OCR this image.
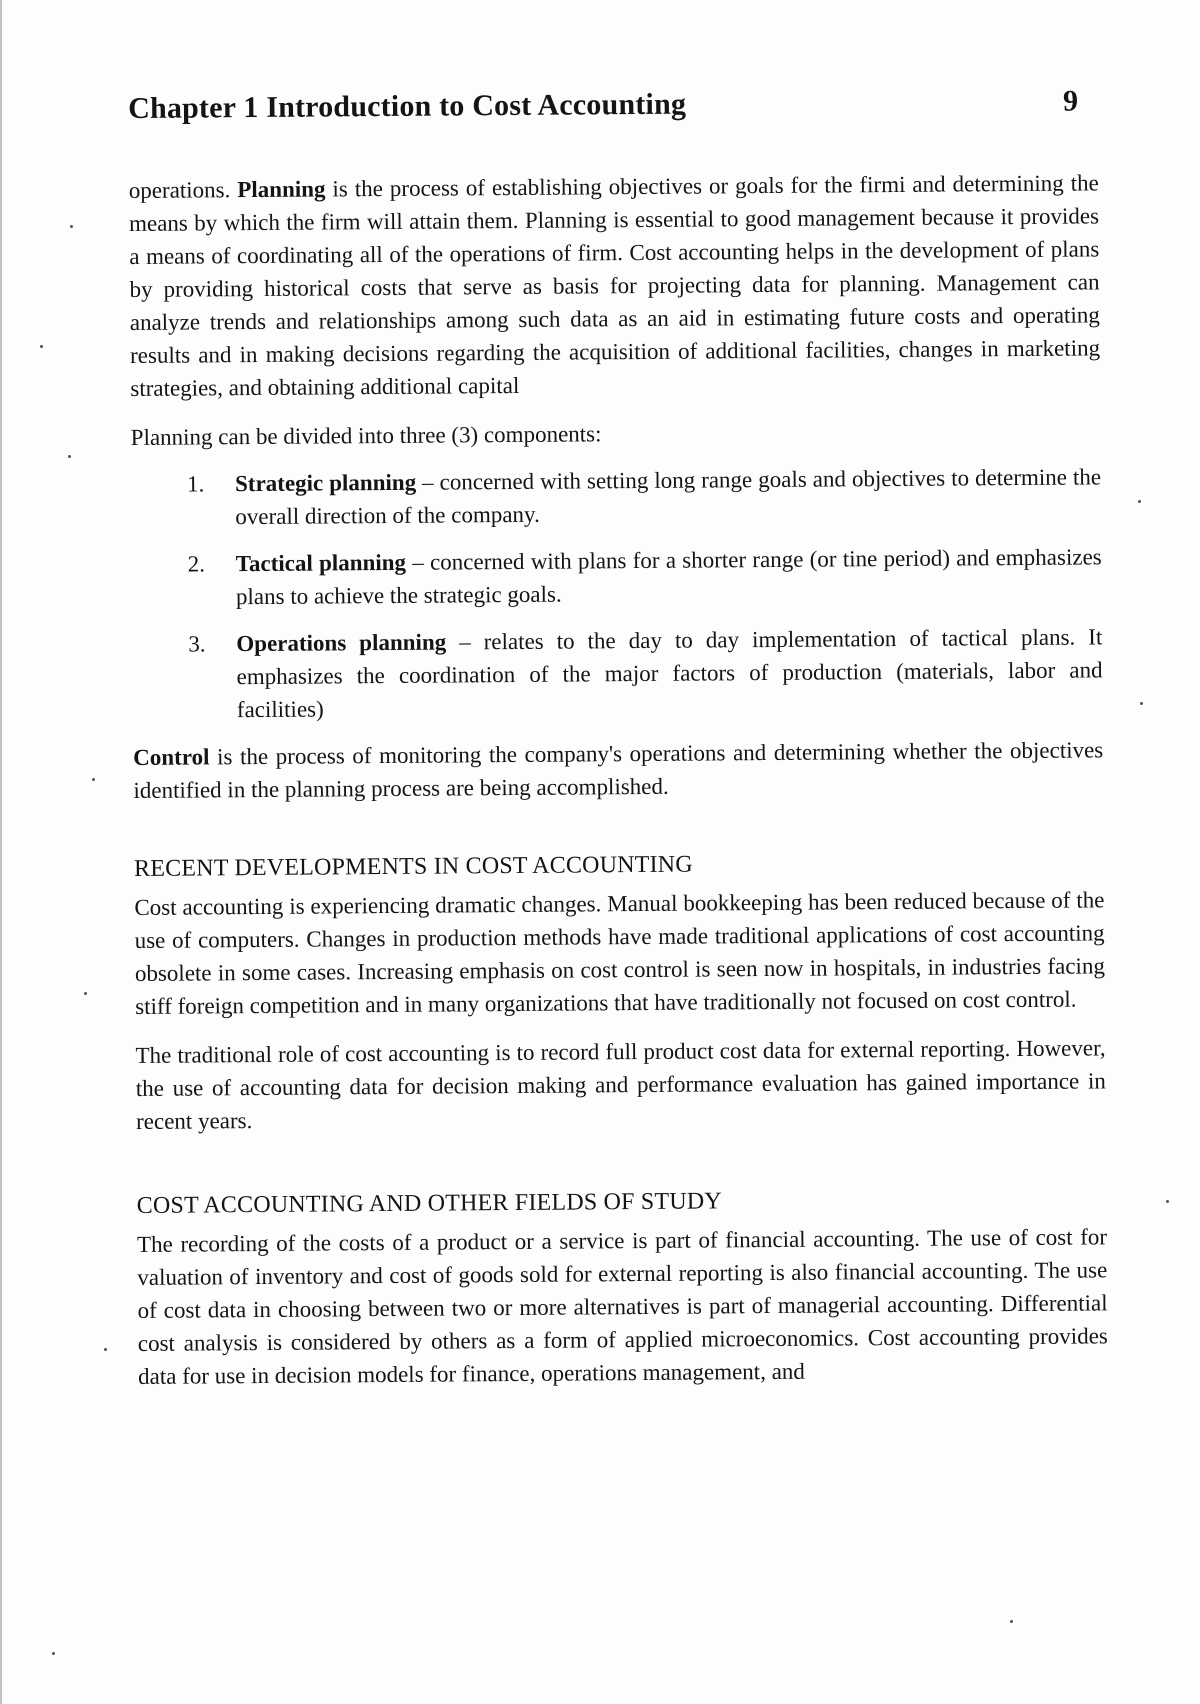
Chapter 1 Introduction to Cost Accounting	9

operations. Planning is the process of establishing objectives or goals for the firmi and determining the means by which the firm will attain them. Planning is essential to good management because it provides a means of coordinating all of the operations of firm. Cost accounting helps in the development of plans by providing historical costs that serve as basis for projecting data for planning. Management can analyze trends and relationships among such data as an aid in estimating future costs and operating results and in making decisions regarding the acquisition of additional facilities, changes in marketing strategies, and obtaining additional capital

Planning can be divided into three (3) components:

1. Strategic planning – concerned with setting long range goals and objectives to determine the overall direction of the company.
2. Tactical planning – concerned with plans for a shorter range (or tine period) and emphasizes plans to achieve the strategic goals.
3. Operations planning – relates to the day to day implementation of tactical plans. It emphasizes the coordination of the major factors of production (materials, labor and facilities)

Control is the process of monitoring the company's operations and determining whether the objectives identified in the planning process are being accomplished.

RECENT DEVELOPMENTS IN COST ACCOUNTING

Cost accounting is experiencing dramatic changes. Manual bookkeeping has been reduced because of the use of computers. Changes in production methods have made traditional applications of cost accounting obsolete in some cases. Increasing emphasis on cost control is seen now in hospitals, in industries facing stiff foreign competition and in many organizations that have traditionally not focused on cost control.

The traditional role of cost accounting is to record full product cost data for external reporting. However, the use of accounting data for decision making and performance evaluation has gained importance in recent years.

COST ACCOUNTING AND OTHER FIELDS OF STUDY

The recording of the costs of a product or a service is part of financial accounting. The use of cost for valuation of inventory and cost of goods sold for external reporting is also financial accounting. The use of cost data in choosing between two or more alternatives is part of managerial accounting. Differential cost analysis is considered by others as a form of applied microeconomics. Cost accounting provides data for use in decision models for finance, operations management, and
